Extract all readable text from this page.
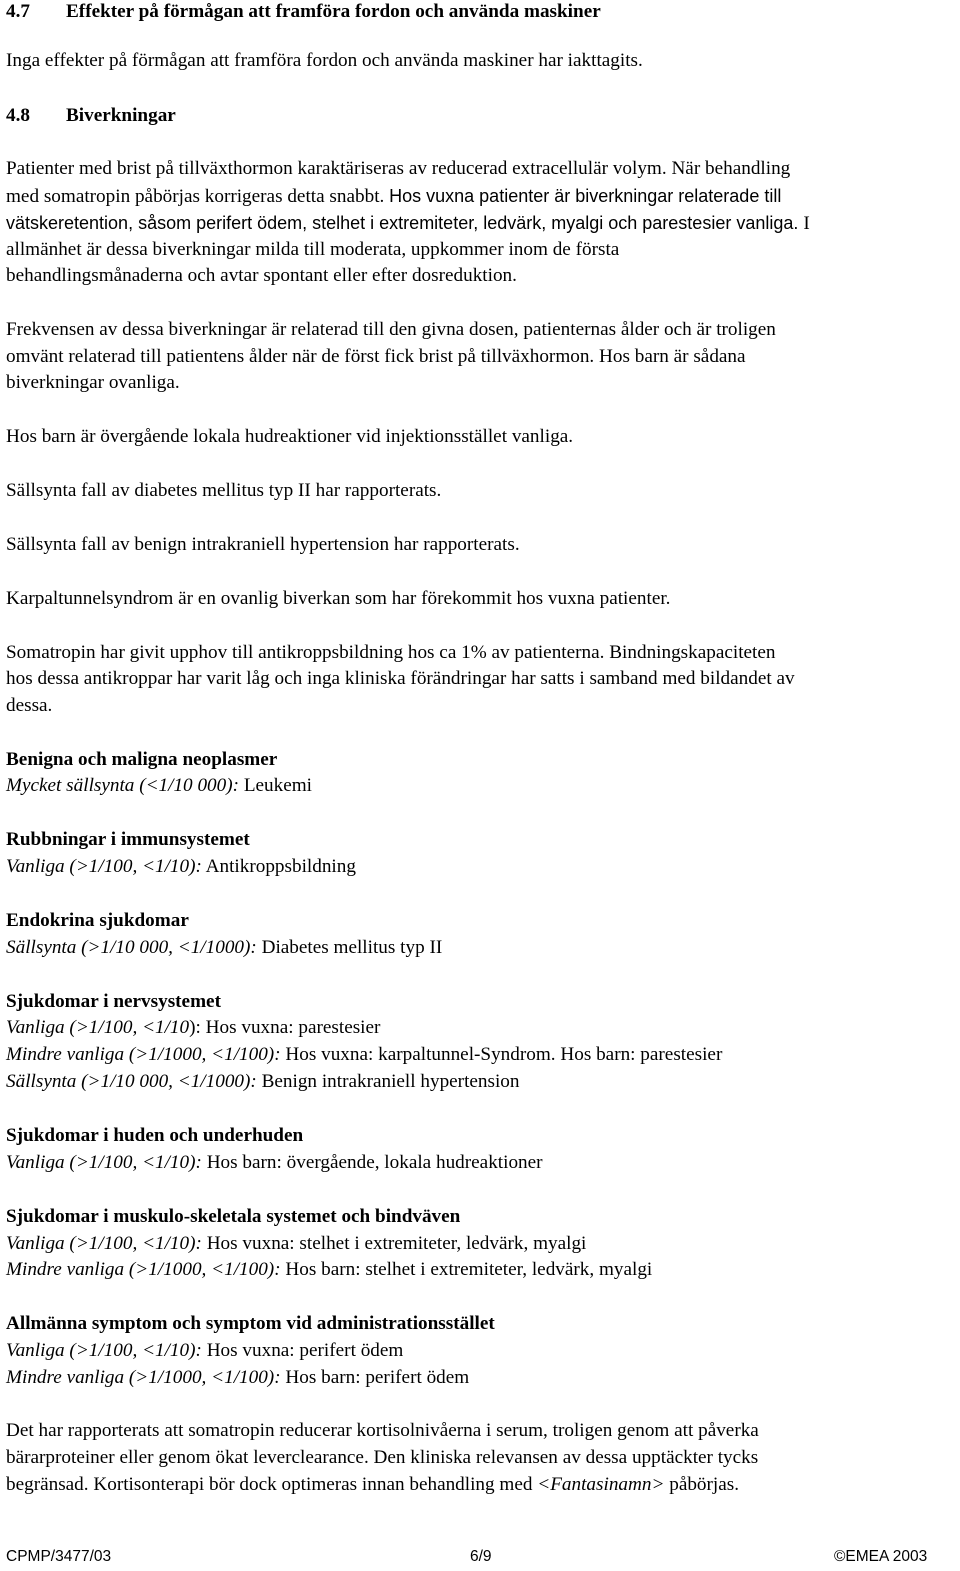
4.7 Effekter på förmågan att framföra fordon och använda maskiner
Inga effekter på förmågan att framföra fordon och använda maskiner har iakttagits.
4.8 Biverkningar
Patienter med brist på tillväxthormon karaktäriseras av reducerad extracellulär volym. När behandling
med somatropin påbörjas korrigeras detta snabbt. Hos vuxna patienter är biverkningar relaterade till
vätskeretention, såsom perifert ödem, stelhet i extremiteter, ledvärk, myalgi och parestesier vanliga. I
allmänhet är dessa biverkningar milda till moderata, uppkommer inom de första
behandlingsmånaderna och avtar spontant eller efter dosreduktion.
Frekvensen av dessa biverkningar är relaterad till den givna dosen, patienternas ålder och är troligen
omvänt relaterad till patientens ålder när de först fick brist på tillväxhormon. Hos barn är sådana
biverkningar ovanliga.
Hos barn är övergående lokala hudreaktioner vid injektionsstället vanliga.
Sällsynta fall av diabetes mellitus typ II har rapporterats.
Sällsynta fall av benign intrakraniell hypertension har rapporterats.
Karpaltunnelsyndrom är en ovanlig biverkan som har förekommit hos vuxna patienter.
Somatropin har givit upphov till antikroppsbildning hos ca 1% av patienterna. Bindningskapaciteten
hos dessa antikroppar har varit låg och inga kliniska förändringar har satts i samband med bildandet av
dessa.
Benigna och maligna neoplasmer
Mycket sällsynta (<1/10 000): Leukemi
Rubbningar i immunsystemet
Vanliga (>1/100, <1/10): Antikroppsbildning
Endokrina sjukdomar
Sällsynta (>1/10 000, <1/1000): Diabetes mellitus typ II
Sjukdomar i nervsystemet
Vanliga (>1/100, <1/10): Hos vuxna: parestesier
Mindre vanliga (>1/1000, <1/100): Hos vuxna: karpaltunnel-Syndrom. Hos barn: parestesier
Sällsynta (>1/10 000, <1/1000): Benign intrakraniell hypertension
Sjukdomar i huden och underhuden
Vanliga (>1/100, <1/10): Hos barn: övergående, lokala hudreaktioner
Sjukdomar i muskulo-skeletala systemet och bindväven
Vanliga (>1/100, <1/10): Hos vuxna: stelhet i extremiteter, ledvärk, myalgi
Mindre vanliga (>1/1000, <1/100): Hos barn: stelhet i extremiteter, ledvärk, myalgi
Allmänna symptom och symptom vid administrationsstället
Vanliga (>1/100, <1/10): Hos vuxna: perifert ödem
Mindre vanliga (>1/1000, <1/100): Hos barn: perifert ödem
Det har rapporterats att somatropin reducerar kortisolnivåerna i serum, troligen genom att påverka
bärarproteiner eller genom ökat leverclearance. Den kliniska relevansen av dessa upptäckter tycks
begränsad. Kortisonterapi bör dock optimeras innan behandling med <Fantasinamn> påbörjas.
CPMP/3477/03	6/9	©EMEA 2003
